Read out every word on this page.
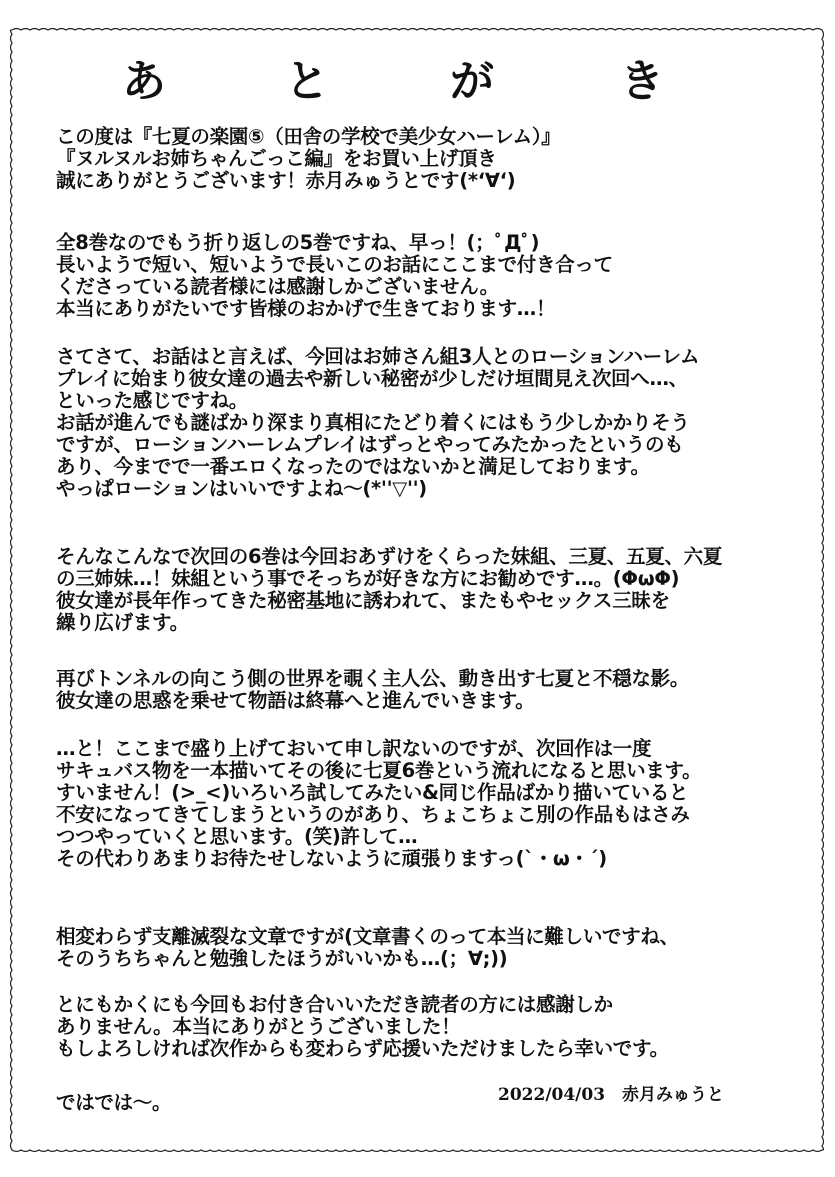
あ	と	が	き
この度は『七夏の楽園⑤（田舎の学校で美少女ハーレム）』
『ヌルヌルお姉ちゃんごっこ編』をお買い上げ頂き
誠にありがとうございます！赤月みゅうとです(*‘∀‘)
全8巻なのでもう折り返しの5巻ですね、早っ！(；ﾟДﾟ)
長いようで短い、短いようで長いこのお話にここまで付き合って
くださっている読者様には感謝しかございません。
本当にありがたいです皆様のおかげで生きております…！
さてさて、お話はと言えば、今回はお姉さん組3人とのローションハーレム
プレイに始まり彼女達の過去や新しい秘密が少しだけ垣間見え次回へ…、
といった感じですね。
お話が進んでも謎ばかり深まり真相にたどり着くにはもう少しかかりそう
ですが、ローションハーレムプレイはずっとやってみたかったというのも
あり、今までで一番エロくなったのではないかと満足しております。
やっぱローションはいいですよね～(*''▽'')
そんなこんなで次回の6巻は今回おあずけをくらった妹組、三夏、五夏、六夏
の三姉妹…！妹組という事でそっちが好きな方にお勧めです…。(ΦωΦ)
彼女達が長年作ってきた秘密基地に誘われて、またもやセックス三昧を
繰り広げます。
再びトンネルの向こう側の世界を覗く主人公、動き出す七夏と不穏な影。
彼女達の思惑を乗せて物語は終幕へと進んでいきます。
…と！ここまで盛り上げておいて申し訳ないのですが、次回作は一度
サキュバス物を一本描いてその後に七夏6巻という流れになると思います。
すいません！(>_<)いろいろ試してみたい&同じ作品ばかり描いていると
不安になってきてしまうというのがあり、ちょこちょこ別の作品もはさみ
つつやっていくと思います。(笑)許して…
その代わりあまりお待たせしないように頑張りますっ(`・ω・´)
相変わらず支離滅裂な文章ですが(文章書くのって本当に難しいですね、
そのうちちゃんと勉強したほうがいいかも…(；∀;))
とにもかくにも今回もお付き合いいただき読者の方には感謝しか
ありません。本当にありがとうございました！
もしよろしければ次作からも変わらず応援いただけましたら幸いです。
ではでは～。	2022/04/03　赤月みゅうと
